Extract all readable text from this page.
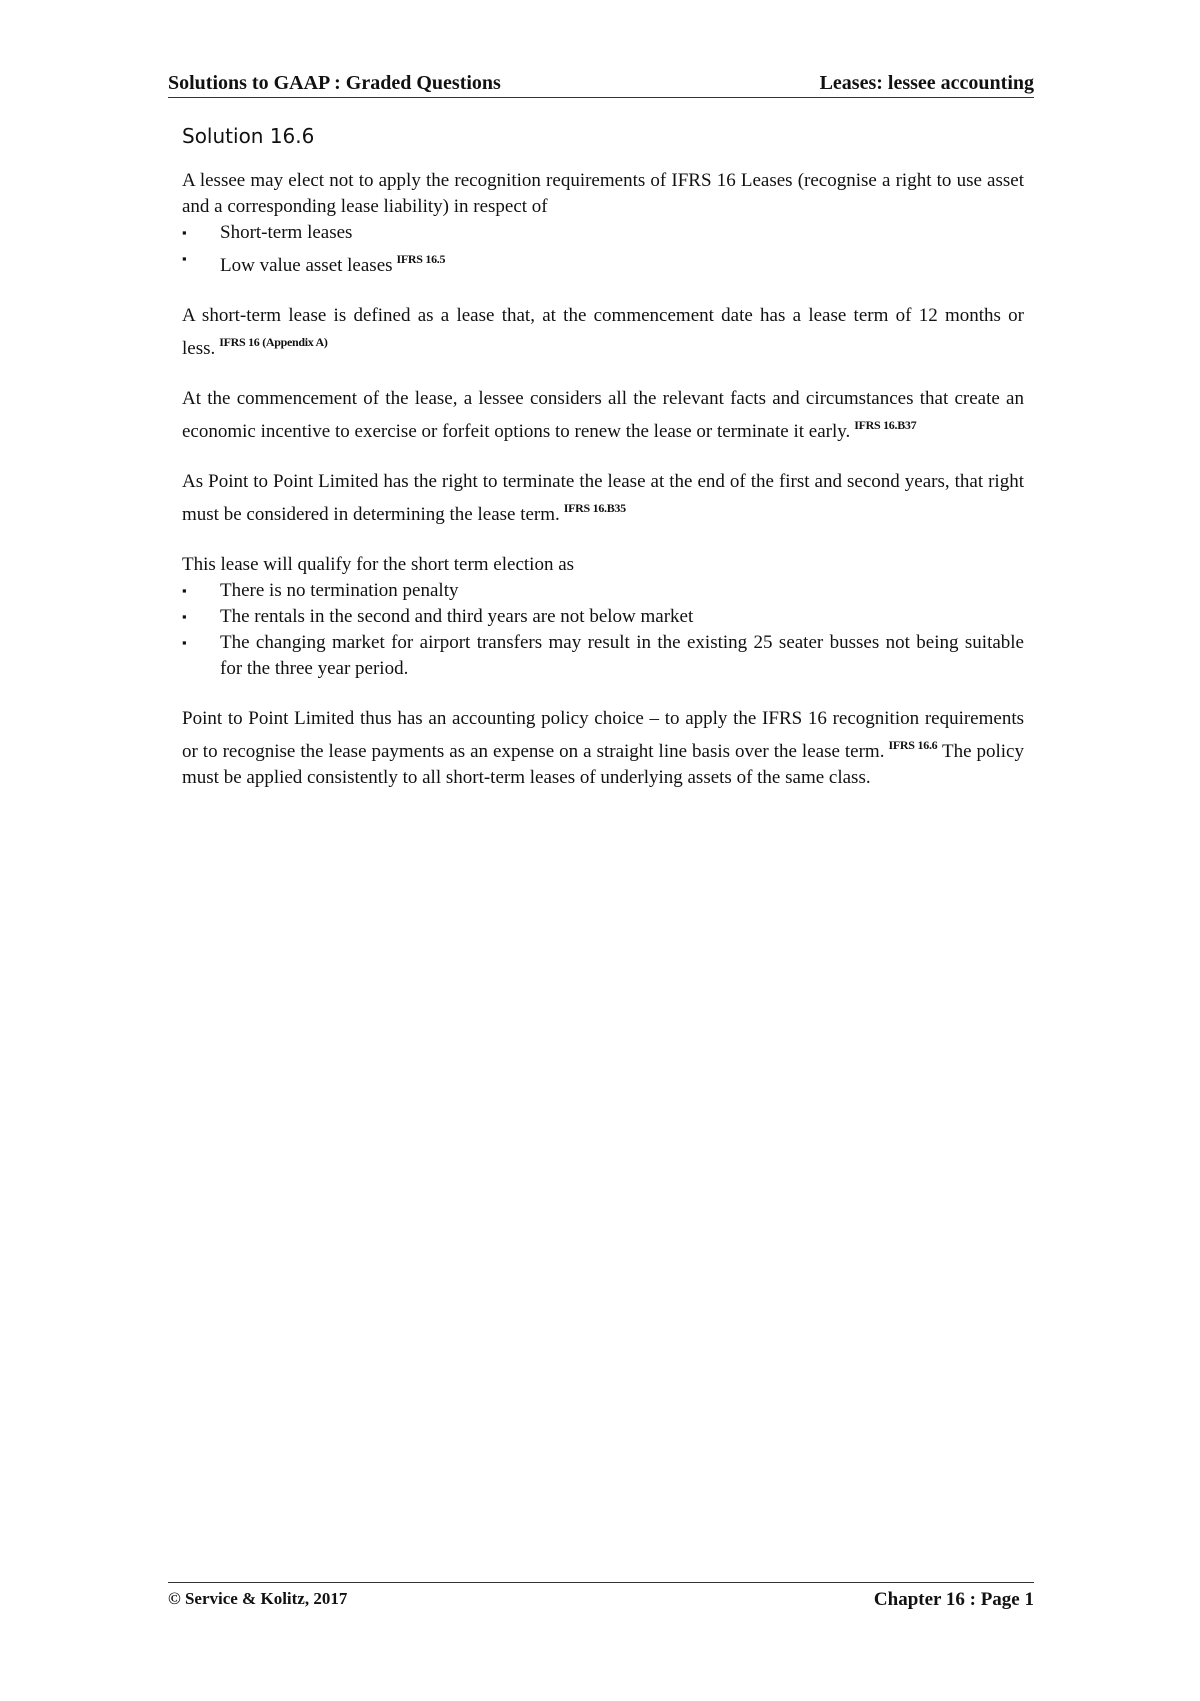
Solutions to GAAP : Graded Questions	Leases: lessee accounting
Solution 16.6

A lessee may elect not to apply the recognition requirements of IFRS 16 Leases (recognise a right to use asset and a corresponding lease liability) in respect of

▪ Short-term leases
▪ Low value asset leases $^{IFRS 16.5}$

A short-term lease is defined as a lease that, at the commencement date has a lease term of 12 months or less. $^{IFRS 16 (Appendix A)}$

At the commencement of the lease, a lessee considers all the relevant facts and circumstances that create an economic incentive to exercise or forfeit options to renew the lease or terminate it early. $^{IFRS 16.B37}$

As Point to Point Limited has the right to terminate the lease at the end of the first and second years, that right must be considered in determining the lease term. $^{IFRS 16.B35}$

This lease will qualify for the short term election as

▪ There is no termination penalty
▪ The rentals in the second and third years are not below market
▪ The changing market for airport transfers may result in the existing 25 seater busses not being suitable for the three year period.

Point to Point Limited thus has an accounting policy choice – to apply the IFRS 16 recognition requirements or to recognise the lease payments as an expense on a straight line basis over the lease term. $^{IFRS 16.6}$ The policy must be applied consistently to all short-term leases of underlying assets of the same class.

© Service & Kolitz, 2017	Chapter 16 : Page 1
